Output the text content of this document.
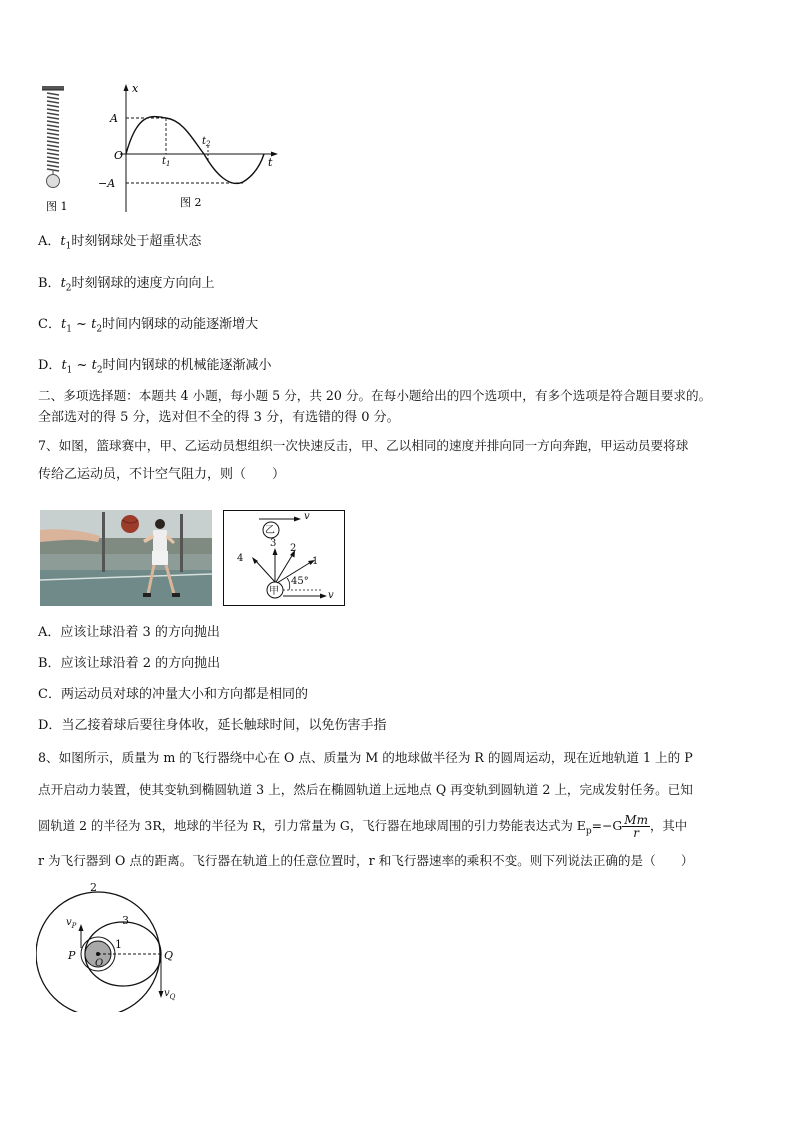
图 1
x
t
A
−A
O	$t_1$
$t_2$
图 2
A．$t_1$时刻钢球处于超重状态
B．$t_2$时刻钢球的速度方向向上
C．$t_1$ ~ $t_2$时间内钢球的动能逐渐增大
D．$t_1$ ~ $t_2$时间内钢球的机械能逐渐减小
二、多项选择题：本题共 4 小题，每小题 5 分，共 20 分。在每小题给出的四个选项中，有多个选项是符合题目要求的。
全部选对的得 5 分，选对但不全的得 3 分，有选错的得 0 分。
7、如图，篮球赛中，甲、乙运动员想组织一次快速反击，甲、乙以相同的速度并排向同一方向奔跑，甲运动员要将球
传给乙运动员，不计空气阻力，则（　　）
乙
甲
v
v
1
2
3
4
45°
A．应该让球沿着 3 的方向抛出
B．应该让球沿着 2 的方向抛出
C．两运动员对球的冲量大小和方向都是相同的
D．当乙接着球后要往身体收，延长触球时间，以免伤害手指
8、如图所示，质量为 m 的飞行器绕中心在 O 点、质量为 M 的地球做半径为 R 的圆周运动，现在近地轨道 1 上的 P
点开启动力装置，使其变轨到椭圆轨道 3 上，然后在椭圆轨道上远地点 Q 再变轨到圆轨道 2 上，完成发射任务。已知
圆轨道 2 的半径为 3R，地球的半径为 R，引力常量为 G，飞行器在地球周围的引力势能表达式为 $E_p=-G \frac{Mm}{r}$ ，其中
r 为飞行器到 O 点的距离。飞行器在轨道上的任意位置时，r 和飞行器速率的乘积不变。则下列说法正确的是（　　）
2
3
1
P
O
Q
$v_P$
$v_Q$
